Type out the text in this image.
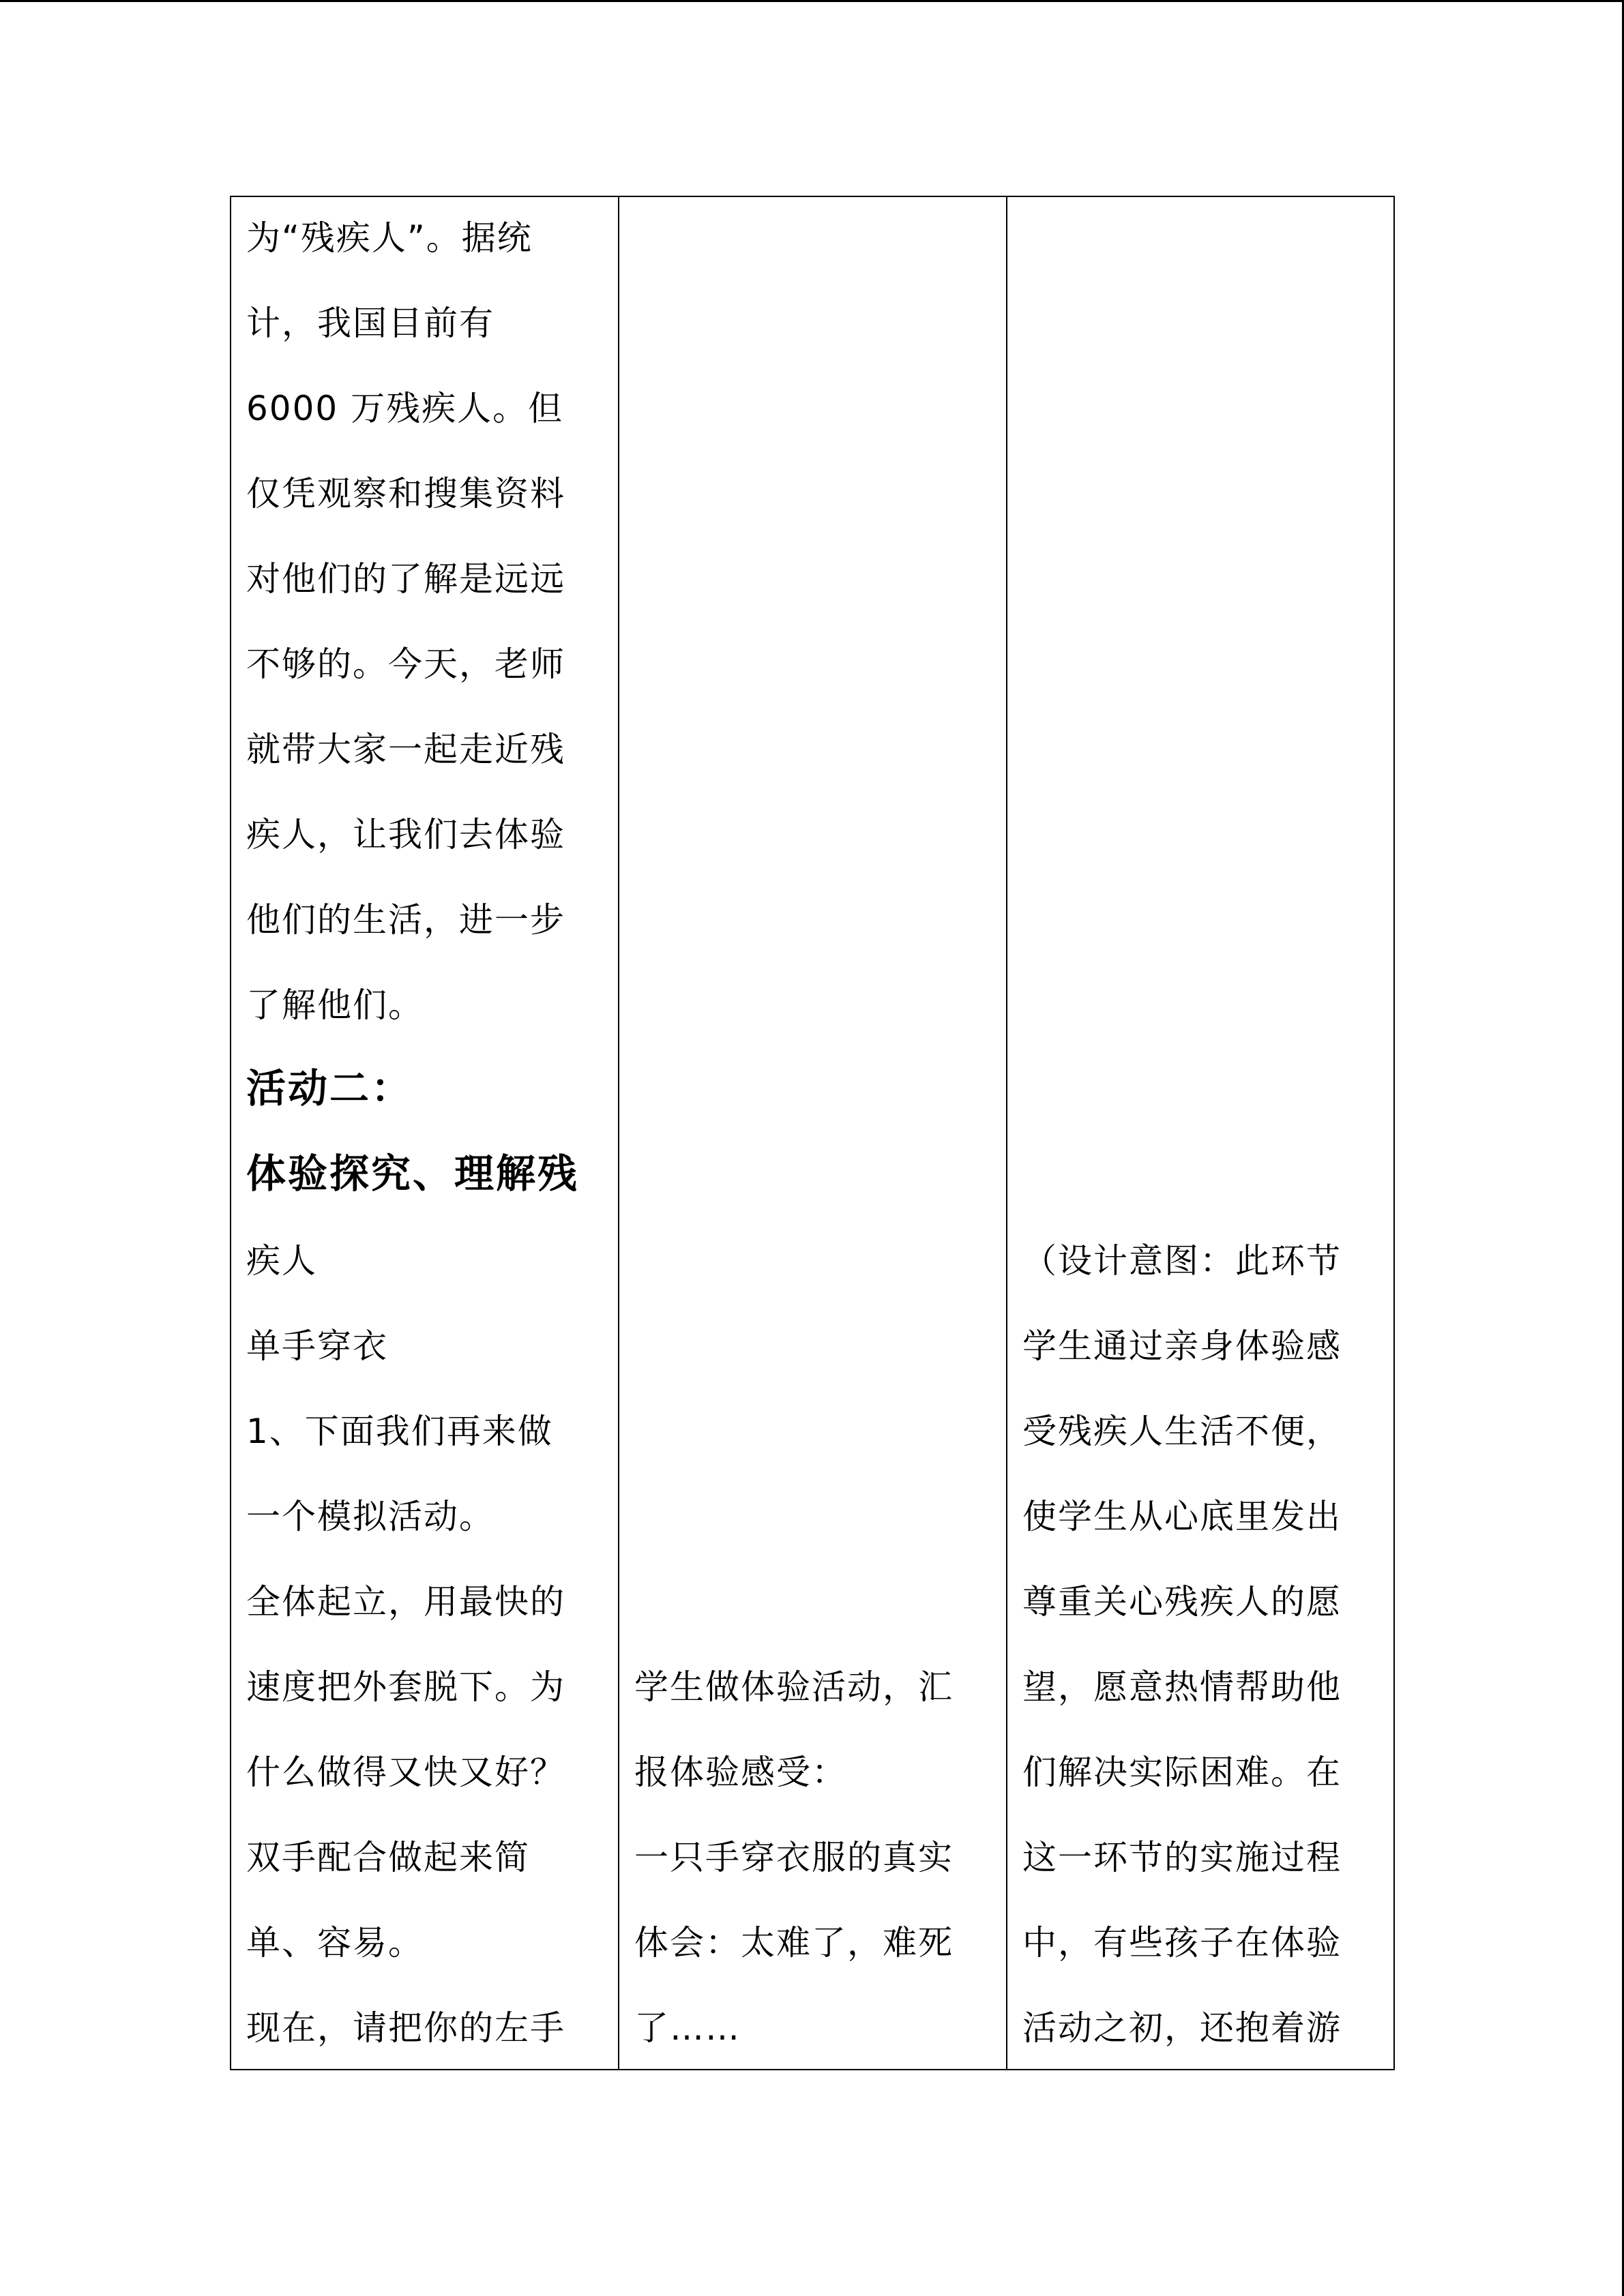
为“残疾人”。据统
计，我国目前有
6000 万残疾人。但
仅凭观察和搜集资料
对他们的了解是远远
不够的。今天，老师
就带大家一起走近残
疾人，让我们去体验
他们的生活，进一步
了解他们。
活动二：
体验探究、理解残
疾人
单手穿衣
1、下面我们再来做
一个模拟活动。
全体起立，用最快的
速度把外套脱下。为
什么做得又快又好？
双手配合做起来简
单、容易。
现在，请把你的左手

学生做体验活动，汇
报体验感受：
一只手穿衣服的真实
体会：太难了，难死
了……

（设计意图：此环节
学生通过亲身体验感
受残疾人生活不便，
使学生从心底里发出
尊重关心残疾人的愿
望，愿意热情帮助他
们解决实际困难。在
这一环节的实施过程
中，有些孩子在体验
活动之初，还抱着游
